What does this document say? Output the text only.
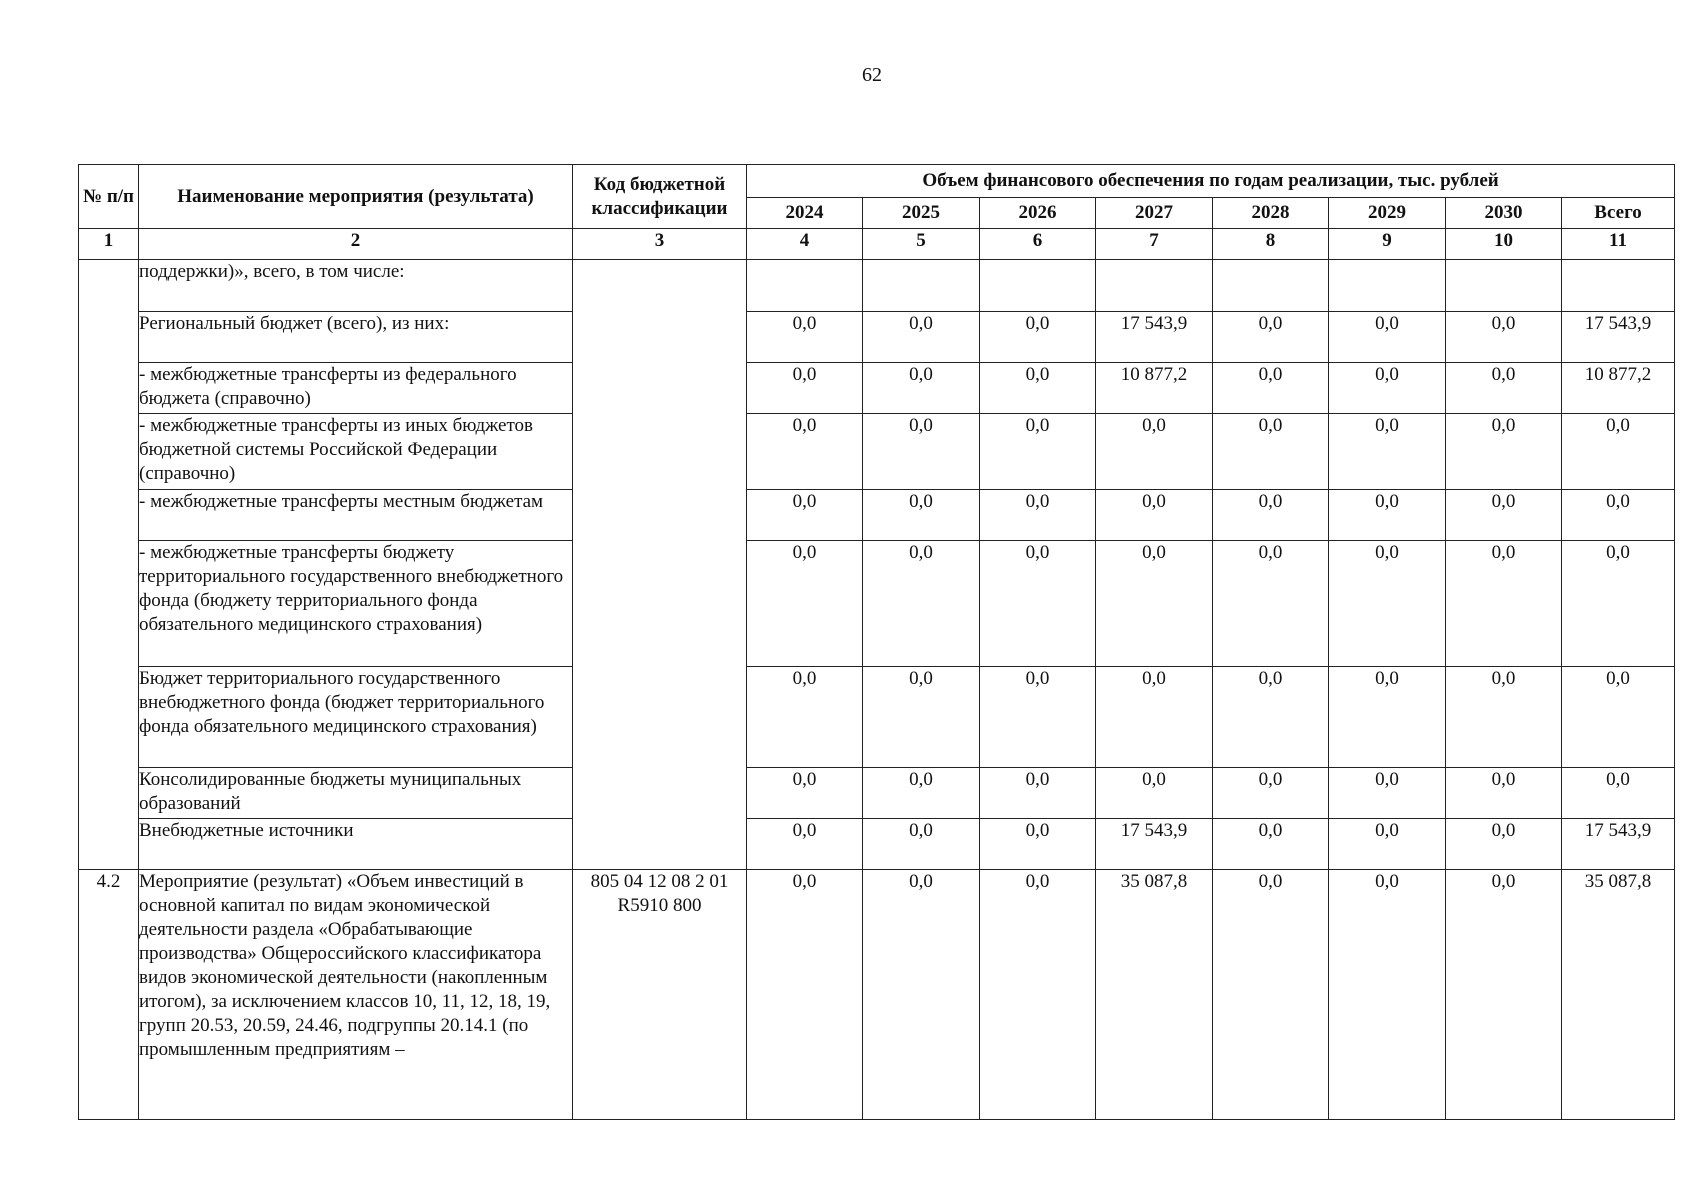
62
№ п/п	Наименование мероприятия (результата)	Код бюджетной классификации	Объем финансового обеспечения по годам реализации, тыс. рублей							
			2024	2025	2026	2027	2028	2029	2030	Всего
1	2	3	4	5	6	7	8	9	10	11
	поддержки)», всего, в том числе:									
	Региональный бюджет (всего), из них:		0,0	0,0	0,0	17 543,9	0,0	0,0	0,0	17 543,9
	- межбюджетные трансферты из федерального бюджета (справочно)		0,0	0,0	0,0	10 877,2	0,0	0,0	0,0	10 877,2
	- межбюджетные трансферты из иных бюджетов бюджетной системы Российской Федерации (справочно)		0,0	0,0	0,0	0,0	0,0	0,0	0,0	0,0
	- межбюджетные трансферты местным бюджетам		0,0	0,0	0,0	0,0	0,0	0,0	0,0	0,0
	- межбюджетные трансферты бюджету территориального государственного внебюджетного фонда (бюджету территориального фонда обязательного медицинского страхования)		0,0	0,0	0,0	0,0	0,0	0,0	0,0	0,0
	Бюджет территориального государственного внебюджетного фонда (бюджет территориального фонда обязательного медицинского страхования)		0,0	0,0	0,0	0,0	0,0	0,0	0,0	0,0
	Консолидированные бюджеты муниципальных образований		0,0	0,0	0,0	0,0	0,0	0,0	0,0	0,0
	Внебюджетные источники		0,0	0,0	0,0	17 543,9	0,0	0,0	0,0	17 543,9
4.2	Мероприятие (результат) «Объем инвестиций в основной капитал по видам экономической деятельности раздела «Обрабатывающие производства» Общероссийского классификатора видов экономической деятельности (накопленным итогом), за исключением классов 10, 11, 12, 18, 19, групп 20.53, 20.59, 24.46, подгруппы 20.14.1 (по промышленным предприятиям –	805 04 12 08 2 01 R5910 800	0,0	0,0	0,0	35 087,8	0,0	0,0	0,0	35 087,8
